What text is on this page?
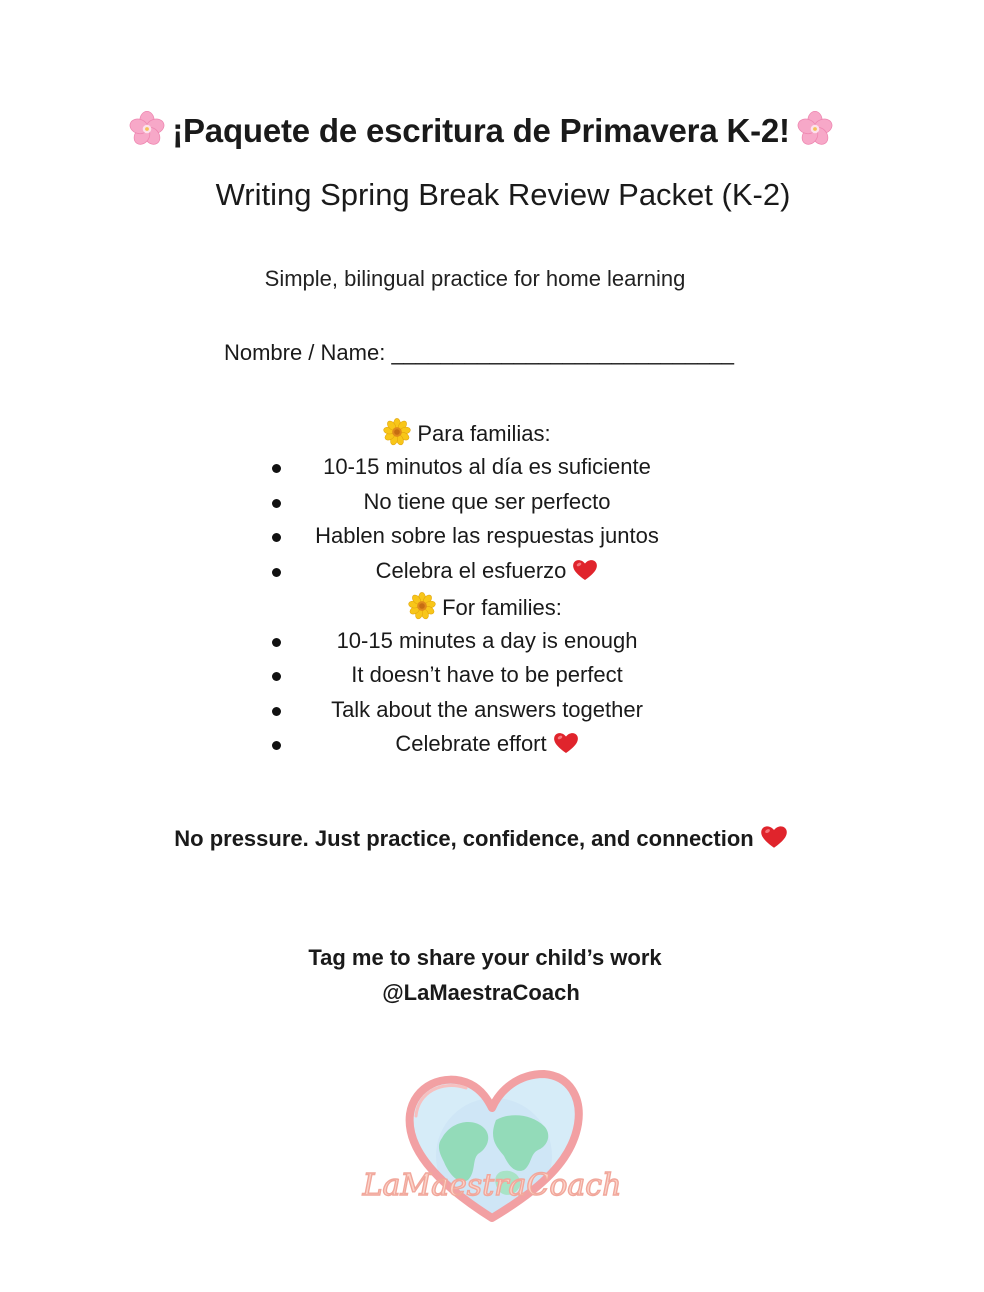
¡Paquete de escritura de Primavera K-2!
Writing Spring Break Review Packet (K-2)
Simple, bilingual practice for home learning
Nombre / Name: ____________________________
Para familias:
10-15 minutos al día es suficiente
No tiene que ser perfecto
Hablen sobre las respuestas juntos
Celebra el esfuerzo
For families:
10-15 minutes a day is enough
It doesn’t have to be perfect
Talk about the answers together
Celebrate effort
No pressure. Just practice, confidence, and connection
Tag me to share your child’s work
@LaMaestraCoach
LaMaestraCoach
